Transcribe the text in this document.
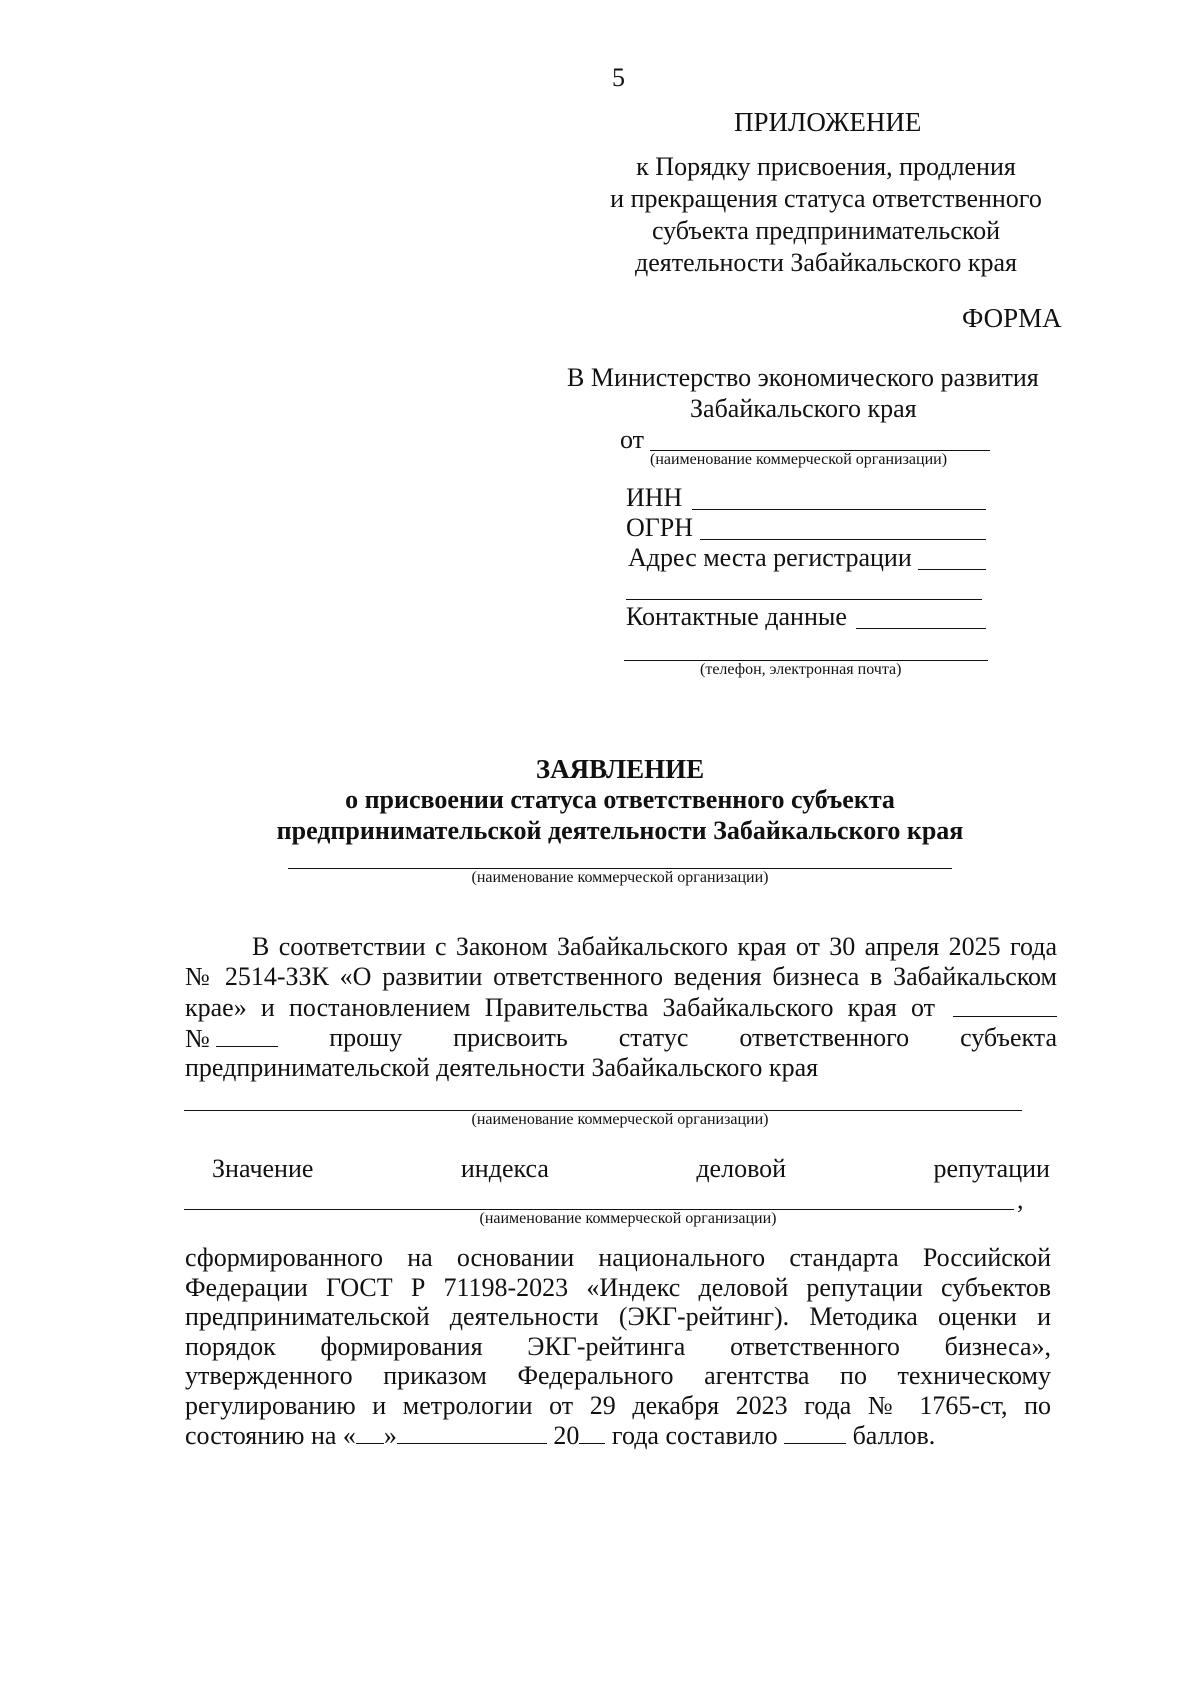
5
ПРИЛОЖЕНИЕ
к Порядку присвоения, продления
и прекращения статуса ответственного
субъекта предпринимательской
деятельности Забайкальского края
ФОРМА
В Министерство экономического развития
Забайкальского края
от
(наименование коммерческой организации)
ИНН
ОГРН
Адрес места регистрации
Контактные данные
(телефон, электронная почта)
ЗАЯВЛЕНИЕ
о присвоении статуса ответственного субъекта
предпринимательской деятельности Забайкальского края
(наименование коммерческой организации)
В соответствии с Законом Забайкальского края от 30 апреля 2025 года
№ 2514-ЗЗК «О развитии ответственного ведения бизнеса в Забайкальском
крае» и постановлением Правительства Забайкальского края от
№	прошу присвоить статус ответственного субъекта
предпринимательской деятельности Забайкальского края
(наименование коммерческой организации)
Значение	индекса	деловой	репутации
,
(наименование коммерческой организации)
сформированного на основании национального стандарта Российской
Федерации ГОСТ Р 71198-2023 «Индекс деловой репутации субъектов
предпринимательской деятельности (ЭКГ-рейтинг). Методика оценки и
порядок формирования ЭКГ-рейтинга ответственного бизнеса»,
утвержденного приказом Федерального агентства по техническому
регулированию и метрологии от 29 декабря 2023 года № 1765-ст, по
состоянию на « »	20 года составило	баллов.
